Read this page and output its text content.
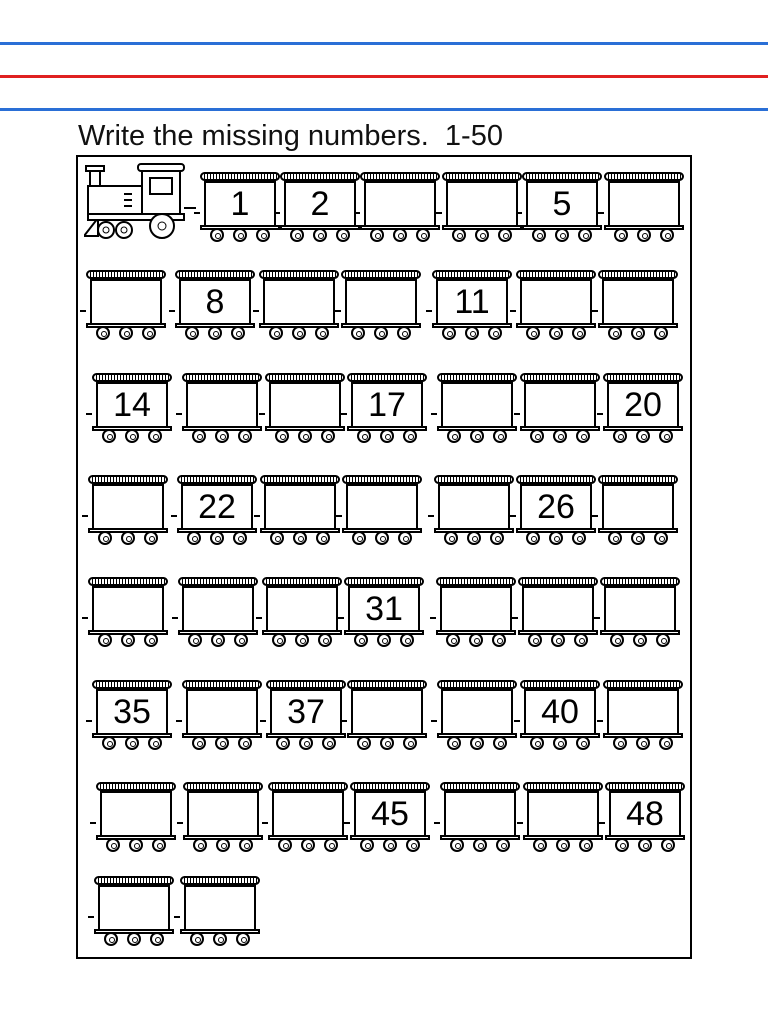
Write the missing numbers.  1-50
1	2	5
8	11
14	17	20
22	26
31
35	37	40
45	48
